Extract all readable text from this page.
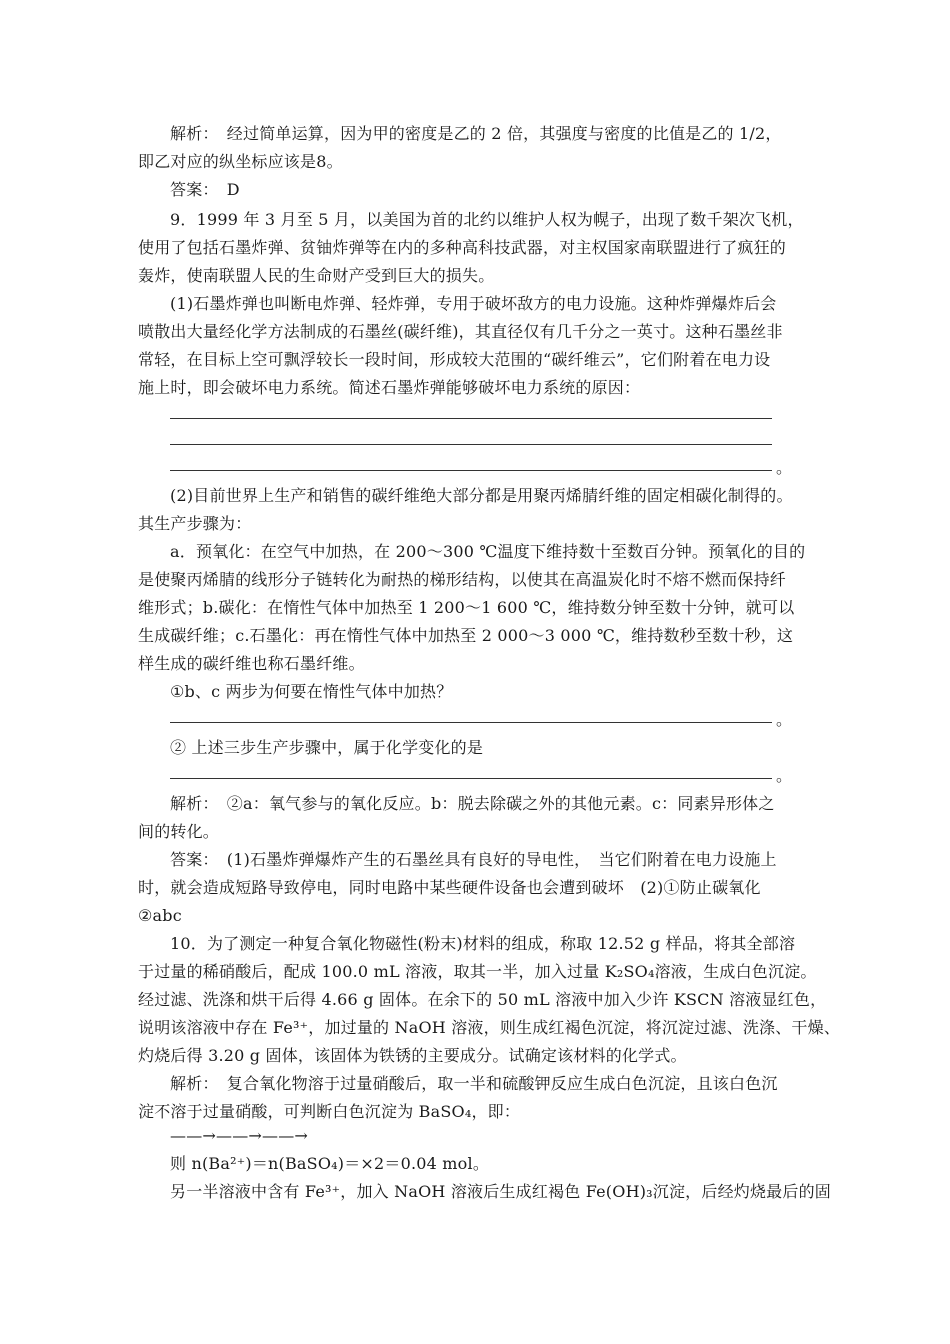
解析：　经过简单运算，因为甲的密度是乙的 2 倍，其强度与密度的比值是乙的 1/2，
即乙对应的纵坐标应该是8。
答案：　D
9．1999 年 3 月至 5 月，以美国为首的北约以维护人权为幌子，出现了数千架次飞机，
使用了包括石墨炸弹、贫铀炸弹等在内的多种高科技武器，对主权国家南联盟进行了疯狂的
轰炸，使南联盟人民的生命财产受到巨大的损失。
(1)石墨炸弹也叫断电炸弹、轻炸弹，专用于破坏敌方的电力设施。这种炸弹爆炸后会
喷散出大量经化学方法制成的石墨丝(碳纤维)，其直径仅有几千分之一英寸。这种石墨丝非
常轻，在目标上空可飘浮较长一段时间，形成较大范围的“碳纤维云”，它们附着在电力设
施上时，即会破坏电力系统。简述石墨炸弹能够破坏电力系统的原因：
。
(2)目前世界上生产和销售的碳纤维绝大部分都是用聚丙烯腈纤维的固定相碳化制得的。
其生产步骤为：
a．预氧化：在空气中加热，在 200～300 ℃温度下维持数十至数百分钟。预氧化的目的
是使聚丙烯腈的线形分子链转化为耐热的梯形结构，以使其在高温炭化时不熔不燃而保持纤
维形式；b.碳化：在惰性气体中加热至 1 200～1 600 ℃，维持数分钟至数十分钟，就可以
生成碳纤维；c.石墨化：再在惰性气体中加热至 2 000～3 000 ℃，维持数秒至数十秒，这
样生成的碳纤维也称石墨纤维。
①b、c 两步为何要在惰性气体中加热？
。
② 上述三步生产步骤中，属于化学变化的是
。
解析：　②a：氧气参与的氧化反应。b：脱去除碳之外的其他元素。c：同素异形体之
间的转化。
答案：　(1)石墨炸弹爆炸产生的石墨丝具有良好的导电性，　当它们附着在电力设施上
时，就会造成短路导致停电，同时电路中某些硬件设备也会遭到破坏　(2)①防止碳氧化
②abc
10．为了测定一种复合氧化物磁性(粉末)材料的组成，称取 12.52 g 样品，将其全部溶
于过量的稀硝酸后，配成 100.0 mL 溶液，取其一半，加入过量 K₂SO₄溶液，生成白色沉淀。
经过滤、洗涤和烘干后得 4.66 g 固体。在余下的 50 mL 溶液中加入少许 KSCN 溶液显红色，
说明该溶液中存在 Fe³⁺，加过量的 NaOH 溶液，则生成红褐色沉淀，将沉淀过滤、洗涤、干燥、
灼烧后得 3.20 g 固体，该固体为铁锈的主要成分。试确定该材料的化学式。
解析：　复合氧化物溶于过量硝酸后，取一半和硫酸钾反应生成白色沉淀，且该白色沉
淀不溶于过量硝酸，可判断白色沉淀为 BaSO₄，即：
——→——→——→
则 n(Ba²⁺)＝n(BaSO₄)＝×2＝0.04 mol。
另一半溶液中含有 Fe³⁺，加入 NaOH 溶液后生成红褐色 Fe(OH)₃沉淀，后经灼烧最后的固
